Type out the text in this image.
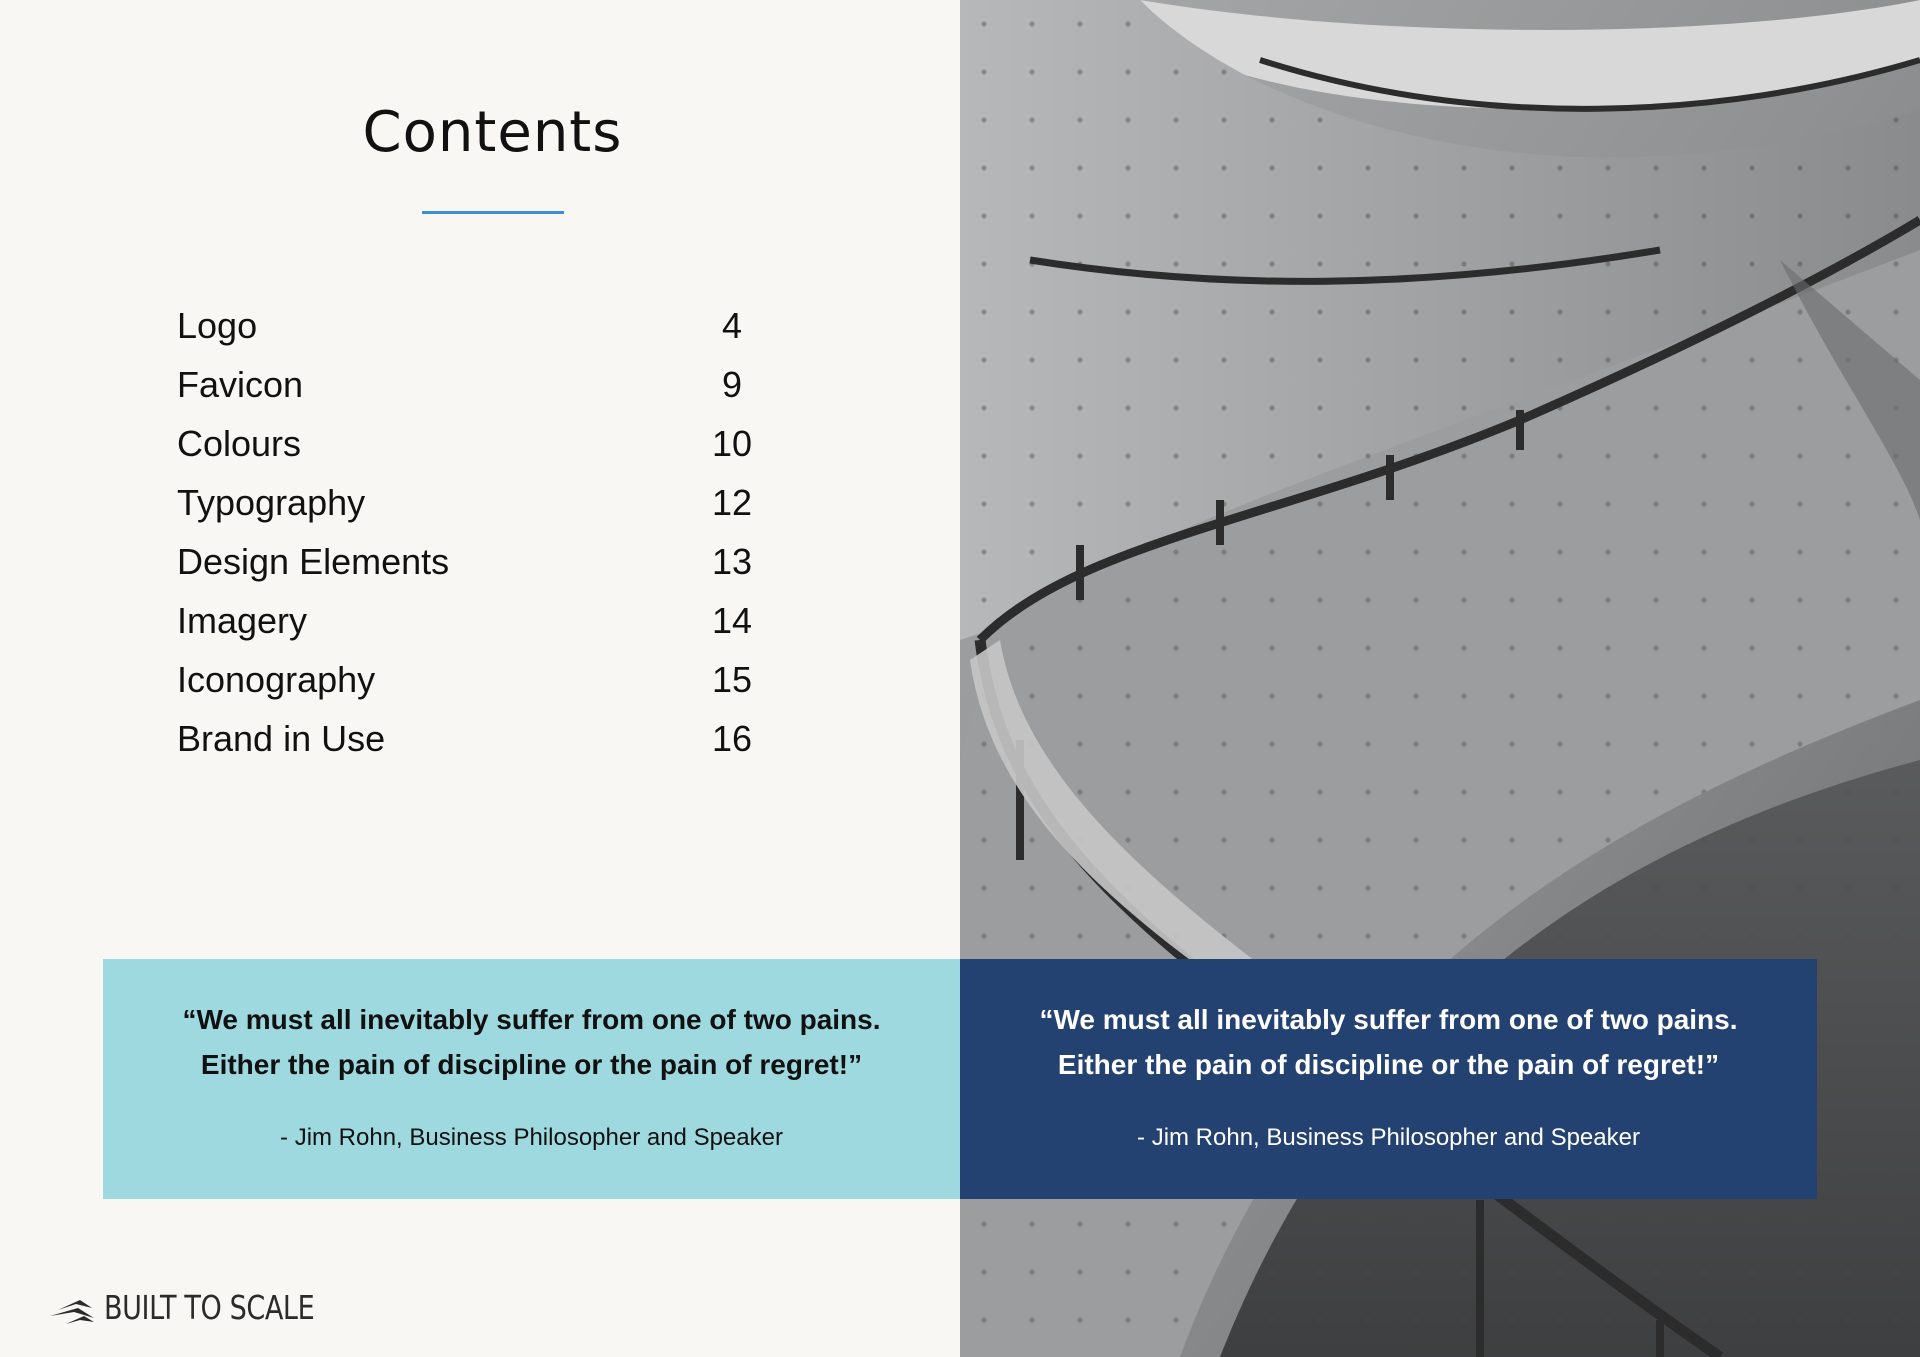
Contents
Logo	4
Favicon	9
Colours	10
Typography	12
Design Elements	13
Imagery	14
Iconography	15
Brand in Use	16

“We must all inevitably suffer from one of two pains.
Either the pain of discipline or the pain of regret!”

- Jim Rohn, Business Philosopher and Speaker

“We must all inevitably suffer from one of two pains.
Either the pain of discipline or the pain of regret!”

- Jim Rohn, Business Philosopher and Speaker

BUILT TO SCALE
